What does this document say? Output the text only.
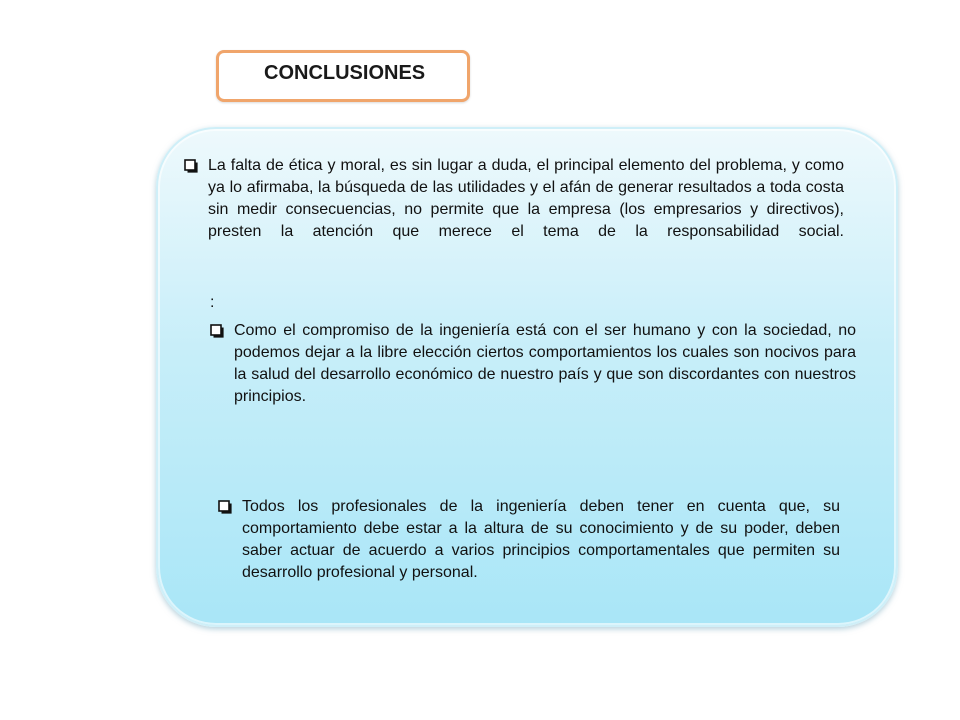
CONCLUSIONES
La falta de ética y moral, es sin lugar a duda, el principal elemento del problema, y como ya lo afirmaba, la búsqueda de las utilidades y el afán de generar resultados a toda costa sin medir consecuencias, no permite que la empresa (los empresarios y directivos), presten la atención que merece el tema de la responsabilidad social.
:
Como el compromiso de la ingeniería está con el ser humano y con la sociedad, no podemos dejar a la libre elección ciertos comportamientos los cuales son nocivos para la salud del desarrollo económico de nuestro país y que son discordantes con nuestros principios.
Todos los profesionales de la ingeniería deben tener en cuenta que, su comportamiento debe estar a la altura de su conocimiento y de su poder, deben saber actuar de acuerdo a varios principios comportamentales que permiten su desarrollo profesional y personal.
